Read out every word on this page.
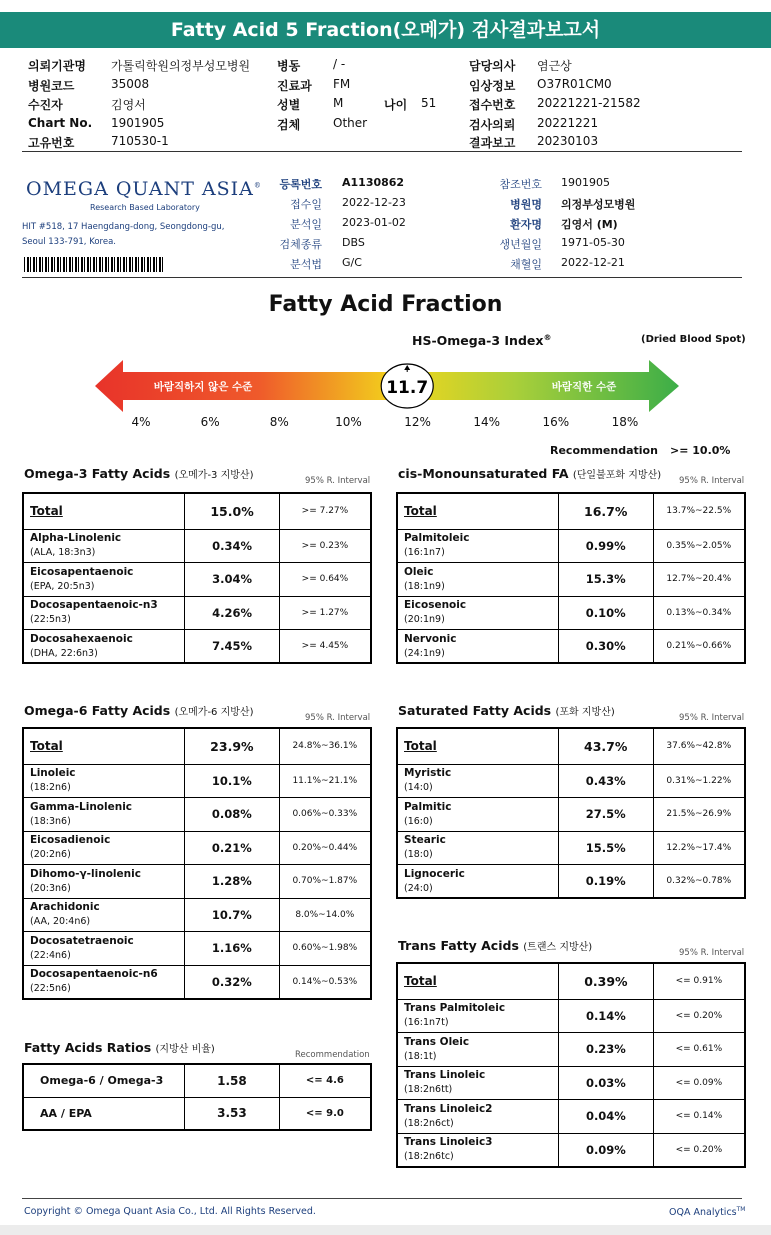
Fatty Acid 5 Fraction(오메가) 검사결과보고서
의뢰기관명 가톨릭학원의정부성모병원
병원코드	35008
수진자	김영서
Chart No. 1901905
고유번호	710530-1
병동	/ -
진료과 FM
성별	M
검체	Other
담당의사 염근상
임상정보 O37R01CM0
접수번호 20221221-21582
검사의뢰 20221221
결과보고 20230103
나이 51
OMEGA QUANT ASIA®
Research Based Laboratory
HIT #518, 17 Haengdang-dong, Seongdong-gu,
Seoul 133-791, Korea.
등록번호 A1130862
접수일 2022-12-23
분석일 2023-01-02
검체종류 DBS
분석법 G/C
참조번호 1901905
병원명 의정부성모병원
환자명 김영서 (M)
생년월일 1971-05-30
채혈일 2022-12-21
Fatty Acid Fraction
HS-Omega-3 Index®	(Dried Blood Spot)
바람직하지 않은 수준	바람직한 수준
11.7
4%	6%	8%	10%	12%	14%	16%	18%
Recommendation >= 10.0%
Omega-3 Fatty Acids (오메가-3 지방산)	95% R. Interval
Total	15.0%	>= 7.27%
Alpha-Linolenic
(ALA, 18:3n3)	0.34%	>= 0.23%
Eicosapentaenoic
(EPA, 20:5n3)	3.04%	>= 0.64%
Docosapentaenoic-n3
(22:5n3)	4.26%	>= 1.27%
Docosahexaenoic
(DHA, 22:6n3)	7.45%	>= 4.45%
cis-Monounsaturated FA (단일불포화 지방산) 95% R. Interval
Total	16.7%	13.7%~22.5%
Palmitoleic
(16:1n7)	0.99%	0.35%~2.05%
Oleic
(18:1n9)	15.3%	12.7%~20.4%
Eicosenoic
(20:1n9)	0.10%	0.13%~0.34%
Nervonic
(24:1n9)	0.30%	0.21%~0.66%
Omega-6 Fatty Acids (오메가-6 지방산)	95% R. Interval
Total	23.9%	24.8%~36.1%
Linoleic
(18:2n6)	10.1%	11.1%~21.1%
Gamma-Linolenic
(18:3n6)	0.08%	0.06%~0.33%
Eicosadienoic
(20:2n6)	0.21%	0.20%~0.44%
Dihomo-γ-linolenic
(20:3n6)	1.28%	0.70%~1.87%
Arachidonic
(AA, 20:4n6)	10.7%	8.0%~14.0%
Docosatetraenoic
(22:4n6)	1.16%	0.60%~1.98%
Docosapentaenoic-n6
(22:5n6)	0.32%	0.14%~0.53%
Saturated Fatty Acids (포화 지방산)	95% R. Interval
Total	43.7%	37.6%~42.8%
Myristic
(14:0)	0.43%	0.31%~1.22%
Palmitic
(16:0)	27.5%	21.5%~26.9%
Stearic
(18:0)	15.5%	12.2%~17.4%
Lignoceric
(24:0)	0.19%	0.32%~0.78%
Trans Fatty Acids (트랜스 지방산)	95% R. Interval
Total	0.39%	<= 0.91%
Trans Palmitoleic
(16:1n7t)	0.14%	<= 0.20%
Trans Oleic
(18:1t)	0.23%	<= 0.61%
Trans Linoleic
(18:2n6tt)	0.03%	<= 0.09%
Trans Linoleic2
(18:2n6ct)	0.04%	<= 0.14%
Trans Linoleic3
(18:2n6tc)	0.09%	<= 0.20%
Fatty Acids Ratios (지방산 비율)	Recommendation
Omega-6 / Omega-3	1.58	<= 4.6
AA / EPA	3.53	<= 9.0
Copyright © Omega Quant Asia Co., Ltd. All Rights Reserved.	OQA Analytics™
